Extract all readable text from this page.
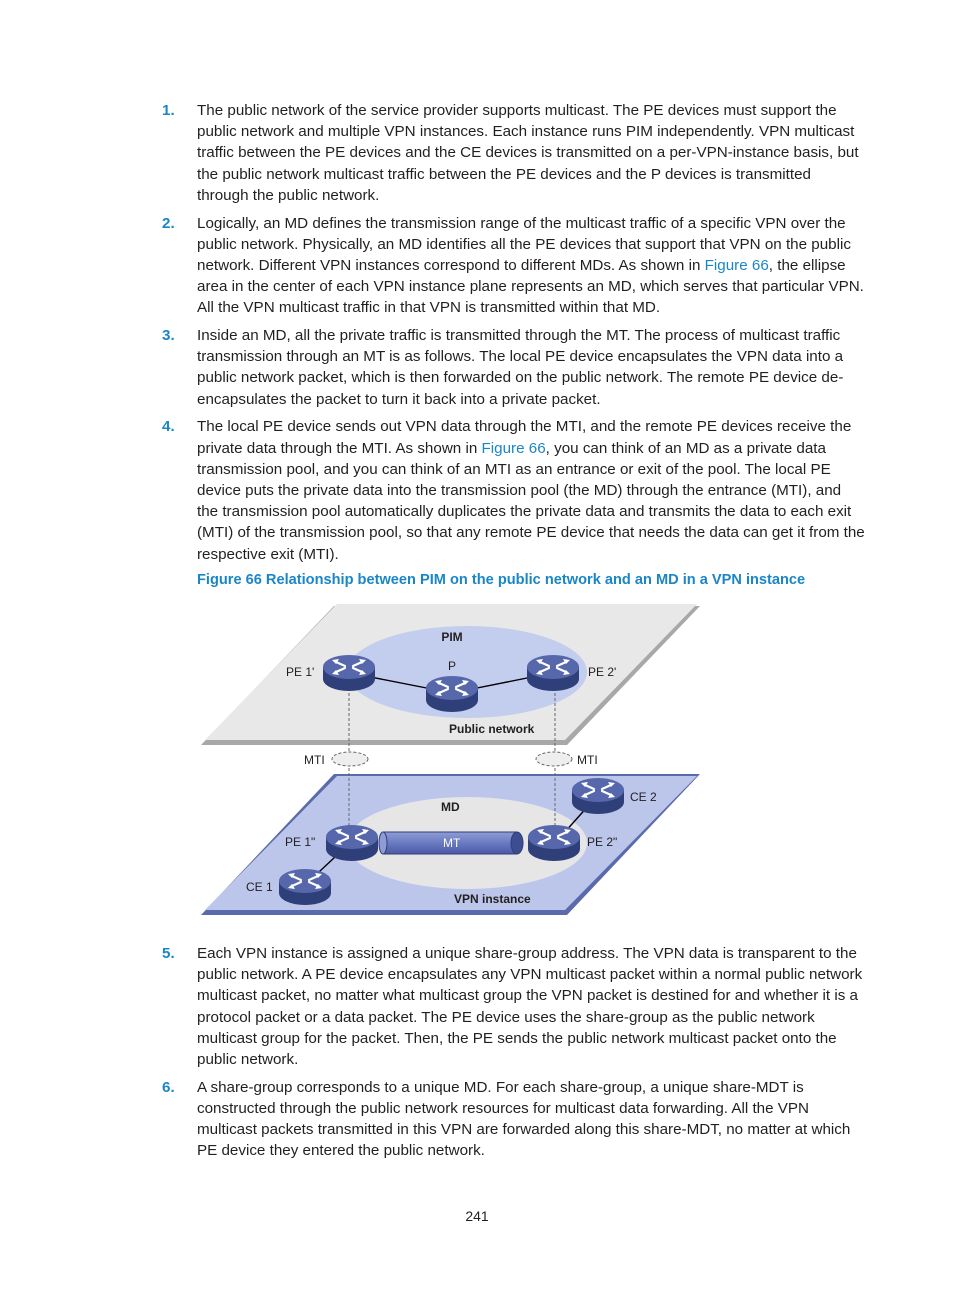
1. The public network of the service provider supports multicast. The PE devices must support the public network and multiple VPN instances. Each instance runs PIM independently. VPN multicast traffic between the PE devices and the CE devices is transmitted on a per-VPN-instance basis, but the public network multicast traffic between the PE devices and the P devices is transmitted through the public network.
2. Logically, an MD defines the transmission range of the multicast traffic of a specific VPN over the public network. Physically, an MD identifies all the PE devices that support that VPN on the public network. Different VPN instances correspond to different MDs. As shown in Figure 66, the ellipse area in the center of each VPN instance plane represents an MD, which serves that particular VPN. All the VPN multicast traffic in that VPN is transmitted within that MD.
3. Inside an MD, all the private traffic is transmitted through the MT. The process of multicast traffic transmission through an MT is as follows. The local PE device encapsulates the VPN data into a public network packet, which is then forwarded on the public network. The remote PE device de-encapsulates the packet to turn it back into a private packet.
4. The local PE device sends out VPN data through the MTI, and the remote PE devices receive the private data through the MTI. As shown in Figure 66, you can think of an MD as a private data transmission pool, and you can think of an MTI as an entrance or exit of the pool. The local PE device puts the private data into the transmission pool (the MD) through the entrance (MTI), and the transmission pool automatically duplicates the private data and transmits the data to each exit (MTI) of the transmission pool, so that any remote PE device that needs the data can get it from the respective exit (MTI).
Figure 66 Relationship between PIM on the public network and an MD in a VPN instance
PIM
P
PE 1'	PE 2'
Public network
MTI	MTI
MD
MT
PE 1"	PE 2"
CE 1
CE 2
VPN instance
5. Each VPN instance is assigned a unique share-group address. The VPN data is transparent to the public network. A PE device encapsulates any VPN multicast packet within a normal public network multicast packet, no matter what multicast group the VPN packet is destined for and whether it is a protocol packet or a data packet. The PE device uses the share-group as the public network multicast group for the packet. Then, the PE sends the public network multicast packet onto the public network.
6. A share-group corresponds to a unique MD. For each share-group, a unique share-MDT is constructed through the public network resources for multicast data forwarding. All the VPN multicast packets transmitted in this VPN are forwarded along this share-MDT, no matter at which PE device they entered the public network.
241
